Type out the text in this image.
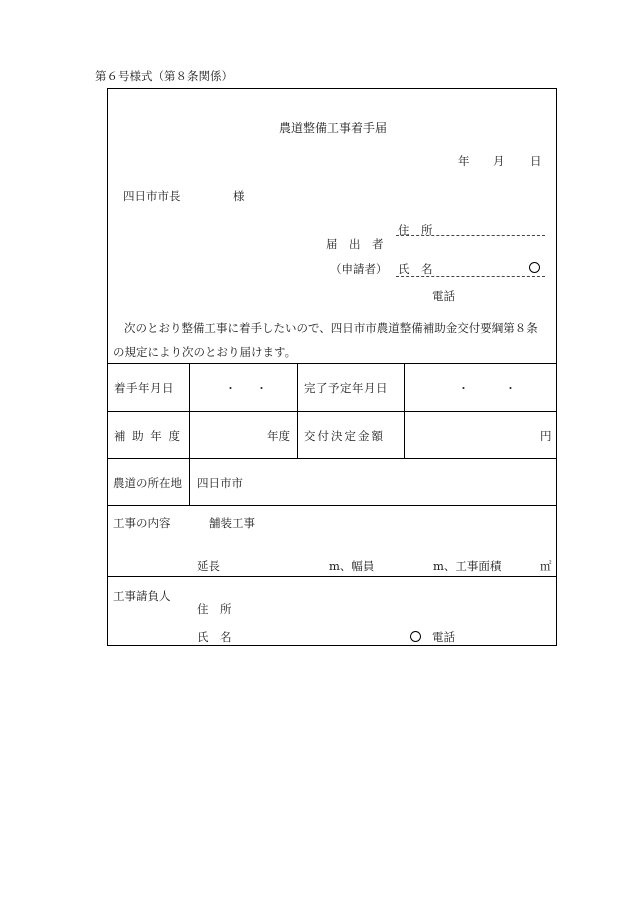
第６号様式（第８条関係）
農道整備工事着手届
年 月 日
四日市市長	様
住　所
届　出　者
（申請者） 氏　名
電話
次のとおり整備工事に着手したいので、四日市市農道整備補助金交付要綱第８条
の規定により次のとおり届けます。
着手年月日	・ ・	完了予定年月日	・	・
補 助 年 度	年度 交付決定金額	円
農道の所在地 四日市市
工事の内容	舗装工事
延長	m、幅員	m、工事面積	㎡
工事請負人
住　所
氏　名	電話
